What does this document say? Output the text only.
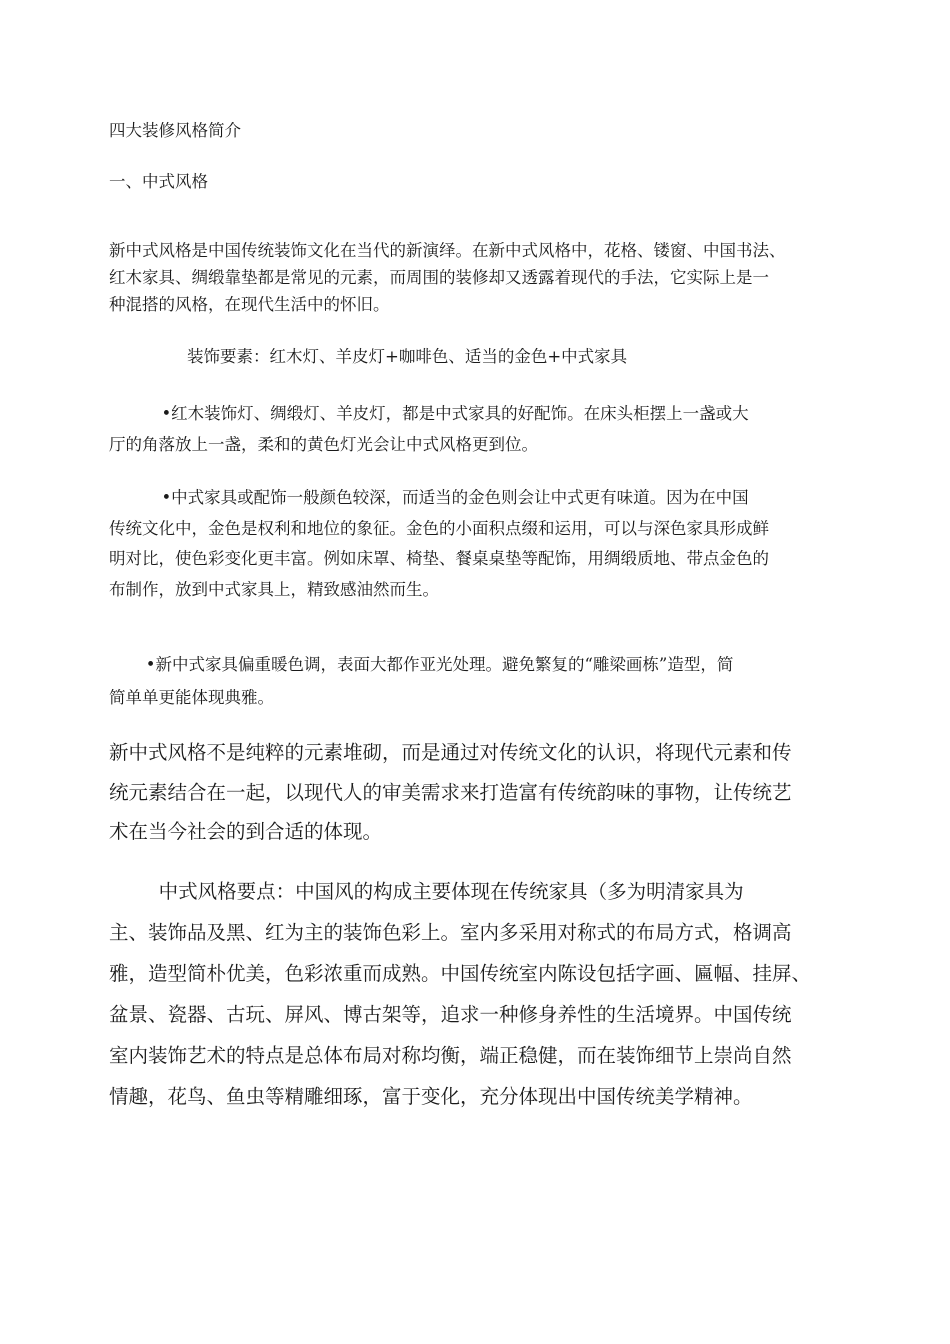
四大装修风格简介

一、中式风格

新中式风格是中国传统装饰文化在当代的新演绎。在新中式风格中，花格、镂窗、中国书法、
红木家具、绸缎靠垫都是常见的元素，而周围的装修却又透露着现代的手法，它实际上是一
种混搭的风格，在现代生活中的怀旧。

装饰要素：红木灯、羊皮灯+咖啡色、适当的金色+中式家具

•红木装饰灯、绸缎灯、羊皮灯，都是中式家具的好配饰。在床头柜摆上一盏或大
厅的角落放上一盏，柔和的黄色灯光会让中式风格更到位。

•中式家具或配饰一般颜色较深，而适当的金色则会让中式更有味道。因为在中国
传统文化中，金色是权利和地位的象征。金色的小面积点缀和运用，可以与深色家具形成鲜
明对比，使色彩变化更丰富。例如床罩、椅垫、餐桌桌垫等配饰，用绸缎质地、带点金色的
布制作，放到中式家具上，精致感油然而生。

•新中式家具偏重暖色调，表面大都作亚光处理。避免繁复的“雕梁画栋”造型，简
简单单更能体现典雅。

新中式风格不是纯粹的元素堆砌，而是通过对传统文化的认识，将现代元素和传
统元素结合在一起，以现代人的审美需求来打造富有传统韵味的事物，让传统艺
术在当今社会的到合适的体现。

中式风格要点：中国风的构成主要体现在传统家具（多为明清家具为
主、装饰品及黑、红为主的装饰色彩上。室内多采用对称式的布局方式，格调高
雅，造型简朴优美，色彩浓重而成熟。中国传统室内陈设包括字画、匾幅、挂屏、
盆景、瓷器、古玩、屏风、博古架等，追求一种修身养性的生活境界。中国传统
室内装饰艺术的特点是总体布局对称均衡，端正稳健，而在装饰细节上崇尚自然
情趣，花鸟、鱼虫等精雕细琢，富于变化，充分体现出中国传统美学精神。
